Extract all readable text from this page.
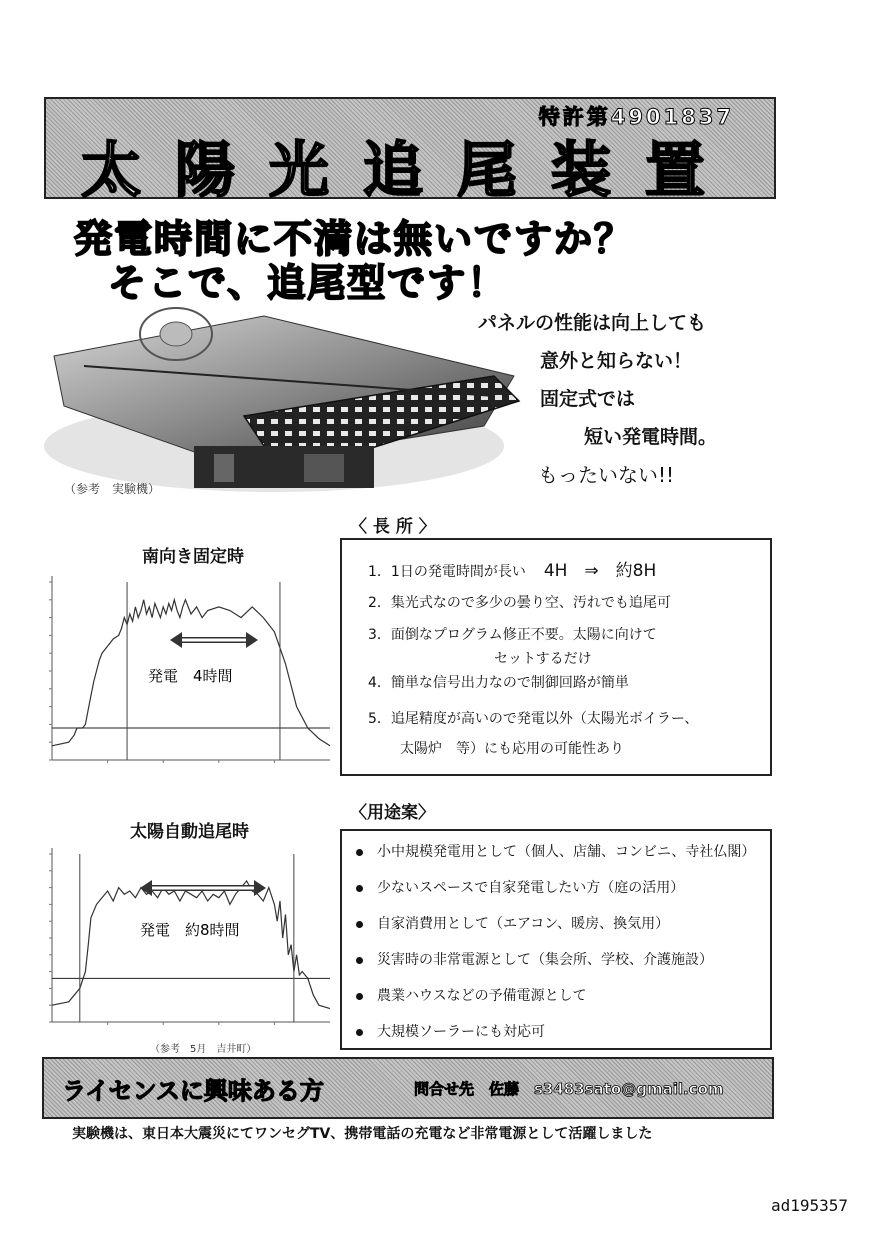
特許第4901837
太陽光追尾装置
発電時間に不満は無いですか？
そこで、追尾型です！
（参考　実験機）
パネルの性能は向上しても
意外と知らない！
固定式では
短い発電時間。
もったいない!!
南向き固定時
発電　4時間
〈 長 所 〉
1．1日の発電時間が長い 4H　⇒　約8H
2．集光式なので多少の曇り空、汚れでも追尾可
3．面倒なプログラム修正不要。太陽に向けて
セットするだけ
4．簡単な信号出力なので制御回路が簡単
5．追尾精度が高いので発電以外（太陽光ボイラー、
太陽炉　等）にも応用の可能性あり
太陽自動追尾時
発電　約8時間
（参考　5月　吉井町）
〈用途案〉
小中規模発電用として（個人、店舗、コンビニ、寺社仏閣）
少ないスペースで自家発電したい方（庭の活用）
自家消費用として（エアコン、暖房、換気用）
災害時の非常電源として（集会所、学校、介護施設）
農業ハウスなどの予備電源として
大規模ソーラーにも対応可
ライセンスに興味ある方	問合せ先　佐藤　s3483sato@gmail.com
実験機は、東日本大震災にてワンセグTV、携帯電話の充電など非常電源として活躍しました
ad195357
